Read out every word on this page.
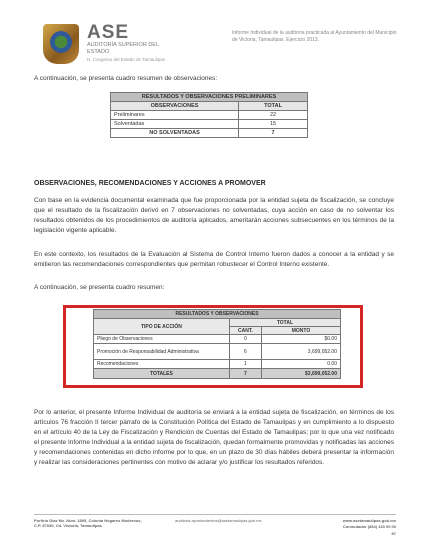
ASE
AUDITORÍA SUPERIOR DEL ESTADO
H. Congreso del Estado de Tamaulipas
Informe Individual de la auditoría practicada al Ayuntamiento del Municipio de Victoria, Tamaulipas. Ejercicio 2013.
A continuación, se presenta cuadro resumen de observaciones:
RESULTADOS Y OBSERVACIONES PRELIMINARES	
OBSERVACIONES	TOTAL
Preliminares	22
Solventadas	15
NO SOLVENTADAS	7
OBSERVACIONES, RECOMENDACIONES Y ACCIONES A PROMOVER
Con base en la evidencia documental examinada que fue proporcionada por la entidad sujeta de fiscalización, se concluye que el resultado de la fiscalización derivó en 7 observaciones no solventadas, cuya acción en caso de no solventar los resultados obtenidos de los procedimientos de auditoría aplicados, ameritarán acciones subsecuentes en los términos de la legislación vigente aplicable.
En este contexto, los resultados de la Evaluación al Sistema de Control Interno fueron dados a conocer a la entidad y se emitieron las recomendaciones correspondientes que permitan robustecer el Control Interno existente.
A continuación, se presenta cuadro resumen:
RESULTADOS Y OBSERVACIONES		
TIPO DE ACCIÓN	TOTAL	
	CANT.	MONTO
Pliego de Observaciones	0	$0.00
Promoción de Responsabilidad Administrativa	6	3,699,052.00
Recomendaciones	1	0.00
TOTALES	7	$3,699,052.00
Por lo anterior, el presente Informe Individual de auditoría se enviará a la entidad sujeta de fiscalización, en términos de los artículos 76 fracción II tercer párrafo de la Constitución Política del Estado de Tamaulipas y en cumplimiento a lo dispuesto en el artículo 40 de la Ley de Fiscalización y Rendición de Cuentas del Estado de Tamaulipas; por lo que una vez notificado el presente Informe Individual a la entidad sujeta de fiscalización, quedan formalmente promovidas y notificadas las acciones y recomendaciones contenidas en dicho informe por lo que, en un plazo de 30 días hábiles deberá presentar la información y realizar las consideraciones pertinentes con motivo de aclarar y/o justificar los resultados referidos.
Porfirio Díaz Mz. Núm. 1895, Colonia Hogares Modernos, C.P. 87030, Cd. Victoria, Tamaulipas
auditoria.ayuntamientos@asetamaulipas.gob.mx	www.asetamaulipas.gob.mx
Conmutador (834) 133 00 00
87
